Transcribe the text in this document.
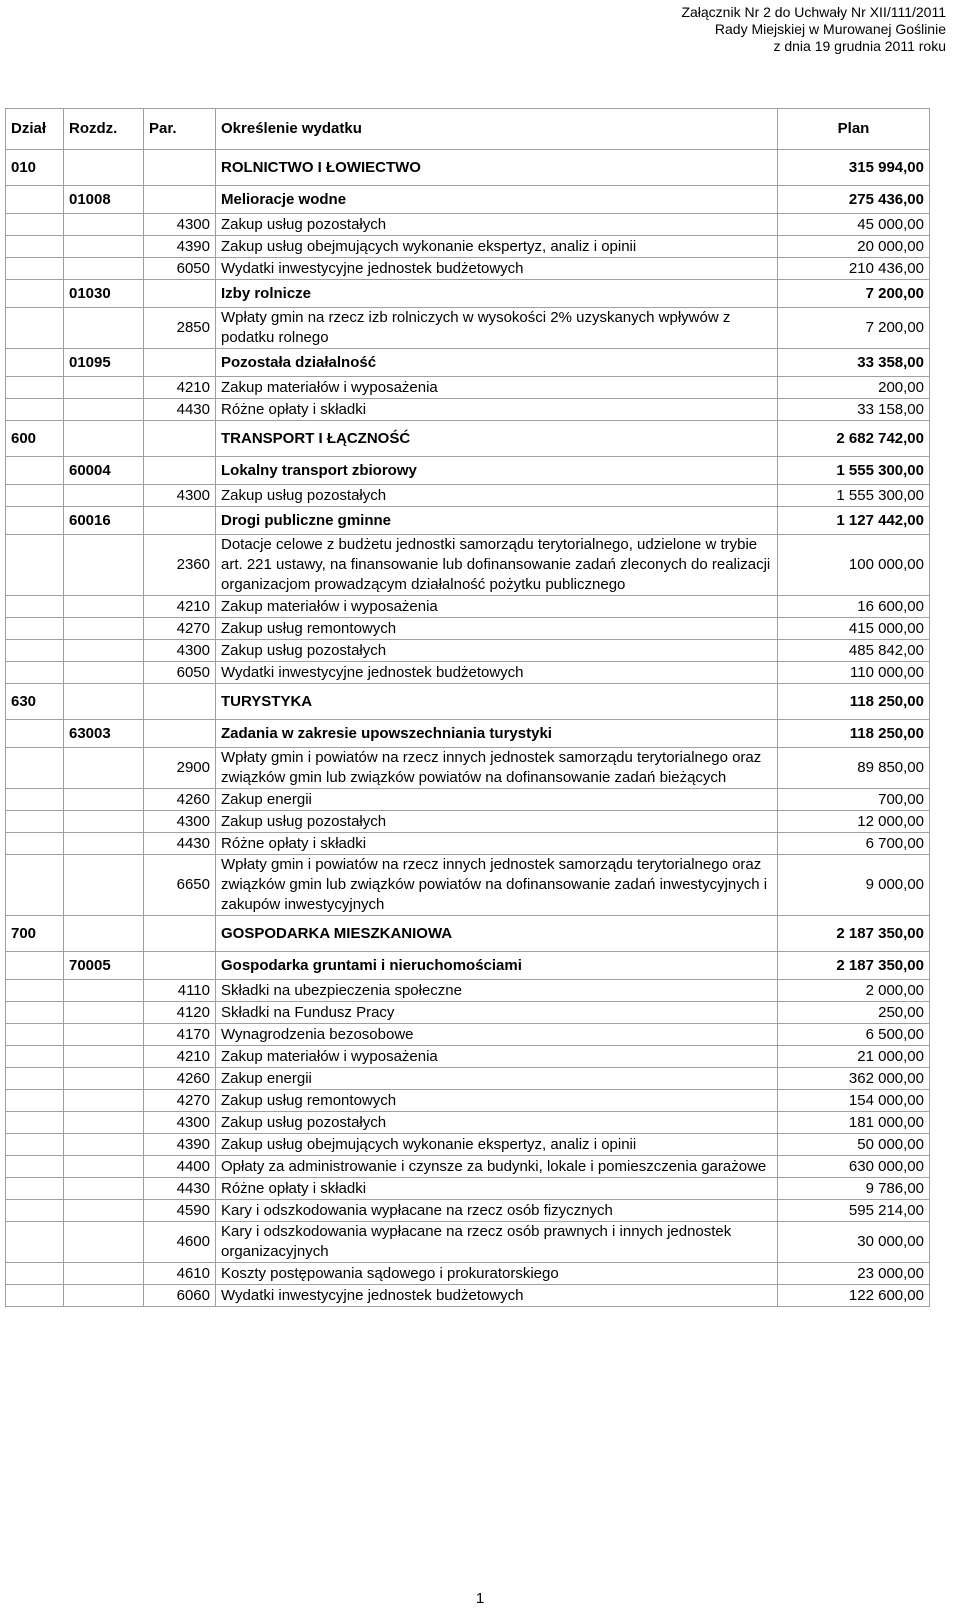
Załącznik Nr 2 do Uchwały Nr XII/111/2011
Rady Miejskiej w Murowanej Goślinie
z dnia 19 grudnia 2011 roku
Dział	Rozdz.	Par.	Określenie wydatku	Plan
010			ROLNICTWO I ŁOWIECTWO	315 994,00
	01008		Melioracje wodne	275 436,00
		4300	Zakup usług pozostałych	45 000,00
		4390	Zakup usług obejmujących wykonanie ekspertyz, analiz i opinii	20 000,00
		6050	Wydatki inwestycyjne jednostek budżetowych	210 436,00
	01030		Izby rolnicze	7 200,00
		2850	Wpłaty gmin na rzecz izb rolniczych w wysokości 2% uzyskanych wpływów z podatku rolnego	7 200,00
	01095		Pozostała działalność	33 358,00
		4210	Zakup materiałów i wyposażenia	200,00
		4430	Różne opłaty i składki	33 158,00
600			TRANSPORT I ŁĄCZNOŚĆ	2 682 742,00
	60004		Lokalny transport zbiorowy	1 555 300,00
		4300	Zakup usług pozostałych	1 555 300,00
	60016		Drogi publiczne gminne	1 127 442,00
		2360	Dotacje celowe z budżetu jednostki samorządu terytorialnego, udzielone w trybie art. 221 ustawy, na finansowanie lub dofinansowanie zadań zleconych do realizacji organizacjom prowadzącym działalność pożytku publicznego	100 000,00
		4210	Zakup materiałów i wyposażenia	16 600,00
		4270	Zakup usług remontowych	415 000,00
		4300	Zakup usług pozostałych	485 842,00
		6050	Wydatki inwestycyjne jednostek budżetowych	110 000,00
630			TURYSTYKA	118 250,00
	63003		Zadania w zakresie upowszechniania turystyki	118 250,00
		2900	Wpłaty gmin i powiatów na rzecz innych jednostek samorządu terytorialnego oraz związków gmin lub związków powiatów na dofinansowanie zadań bieżących	89 850,00
		4260	Zakup energii	700,00
		4300	Zakup usług pozostałych	12 000,00
		4430	Różne opłaty i składki	6 700,00
		6650	Wpłaty gmin i powiatów na rzecz innych jednostek samorządu terytorialnego oraz związków gmin lub związków powiatów na dofinansowanie zadań inwestycyjnych i zakupów inwestycyjnych	9 000,00
700			GOSPODARKA MIESZKANIOWA	2 187 350,00
	70005		Gospodarka gruntami i nieruchomościami	2 187 350,00
		4110	Składki na ubezpieczenia społeczne	2 000,00
		4120	Składki na Fundusz Pracy	250,00
		4170	Wynagrodzenia bezosobowe	6 500,00
		4210	Zakup materiałów i wyposażenia	21 000,00
		4260	Zakup energii	362 000,00
		4270	Zakup usług remontowych	154 000,00
		4300	Zakup usług pozostałych	181 000,00
		4390	Zakup usług obejmujących wykonanie ekspertyz, analiz i opinii	50 000,00
		4400	Opłaty za administrowanie i czynsze za budynki, lokale i pomieszczenia garażowe	630 000,00
		4430	Różne opłaty i składki	9 786,00
		4590	Kary i odszkodowania wypłacane na rzecz osób fizycznych	595 214,00
		4600	Kary i odszkodowania wypłacane na rzecz osób prawnych i innych jednostek organizacyjnych	30 000,00
		4610	Koszty postępowania sądowego i prokuratorskiego	23 000,00
		6060	Wydatki inwestycyjne jednostek budżetowych	122 600,00
1
